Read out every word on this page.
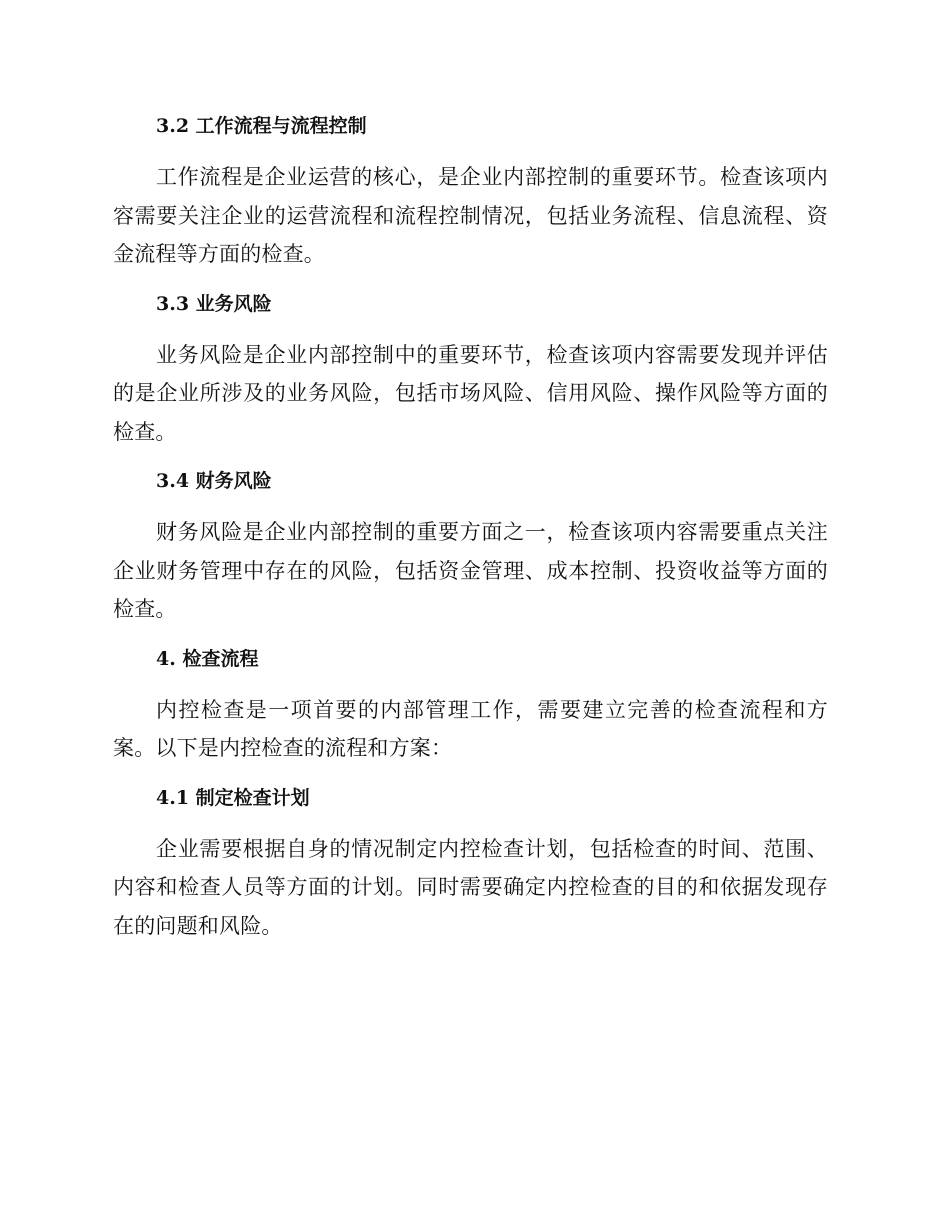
3.2 工作流程与流程控制
工作流程是企业运营的核心，是企业内部控制的重要环节。检查该项内容需要关注企业的运营流程和流程控制情况，包括业务流程、信息流程、资金流程等方面的检查。
3.3 业务风险
业务风险是企业内部控制中的重要环节，检查该项内容需要发现并评估的是企业所涉及的业务风险，包括市场风险、信用风险、操作风险等方面的检查。
3.4 财务风险
财务风险是企业内部控制的重要方面之一，检查该项内容需要重点关注企业财务管理中存在的风险，包括资金管理、成本控制、投资收益等方面的检查。
4. 检查流程
内控检查是一项首要的内部管理工作，需要建立完善的检查流程和方案。以下是内控检查的流程和方案：
4.1 制定检查计划
企业需要根据自身的情况制定内控检查计划，包括检查的时间、范围、内容和检查人员等方面的计划。同时需要确定内控检查的目的和依据发现存在的问题和风险。
